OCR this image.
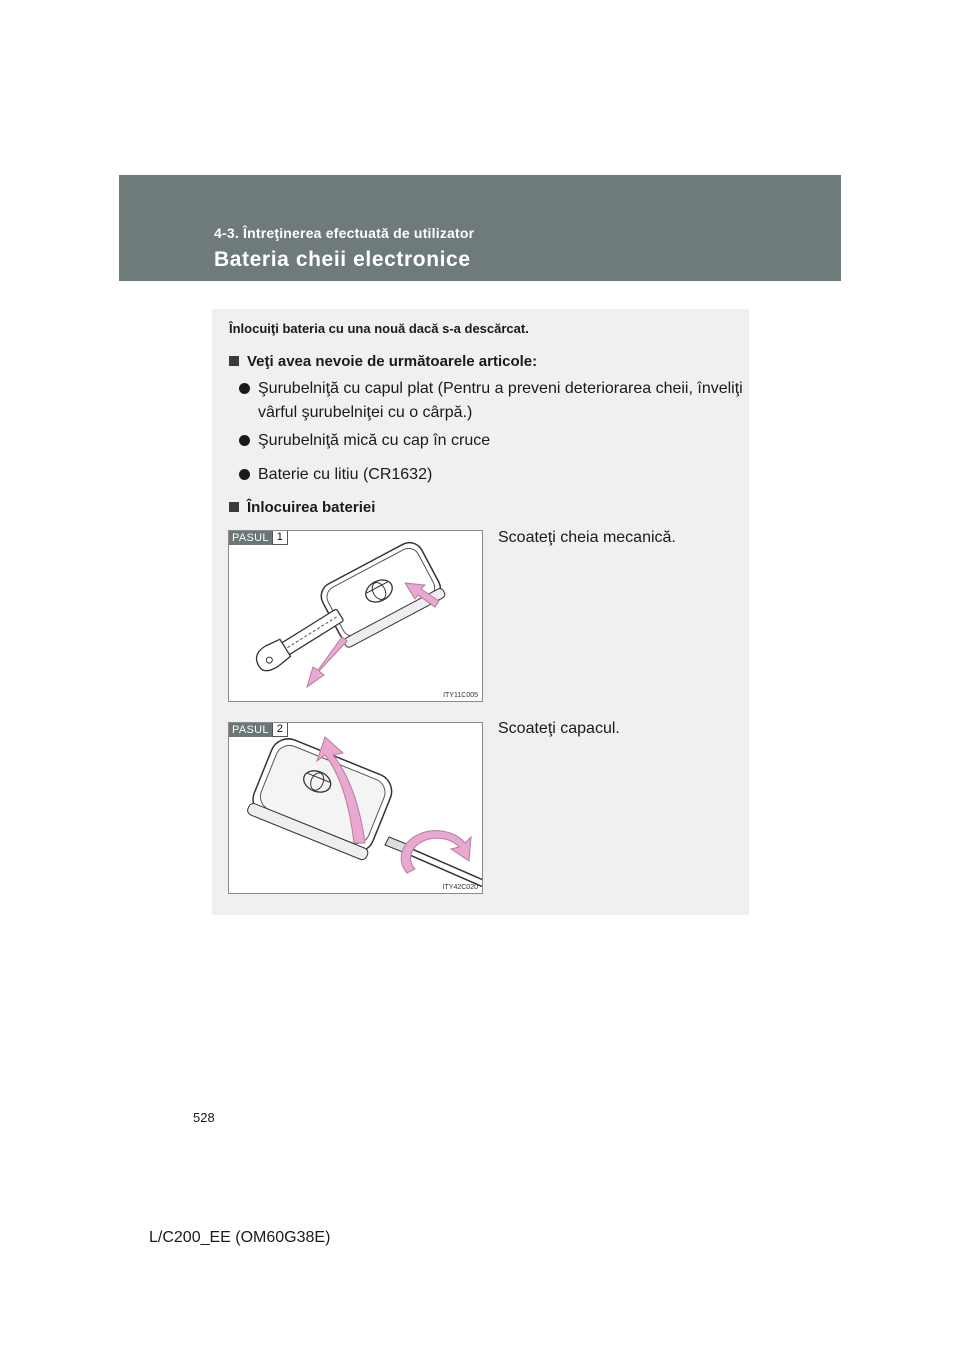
4-3. Întreţinerea efectuată de utilizator
Bateria cheii electronice
Înlocuiţi bateria cu una nouă dacă s-a descărcat.
Veţi avea nevoie de următoarele articole:
Şurubelniţă cu capul plat (Pentru a preveni deteriorarea cheii, înveliţi vârful şurubelniţei cu o cârpă.)
Şurubelniţă mică cu cap în cruce
Baterie cu litiu (CR1632)
Înlocuirea bateriei
PASUL 1
ITY11C005
Scoateţi cheia mecanică.
PASUL 2
ITY42C020
Scoateţi capacul.
528
L/C200_EE (OM60G38E)
